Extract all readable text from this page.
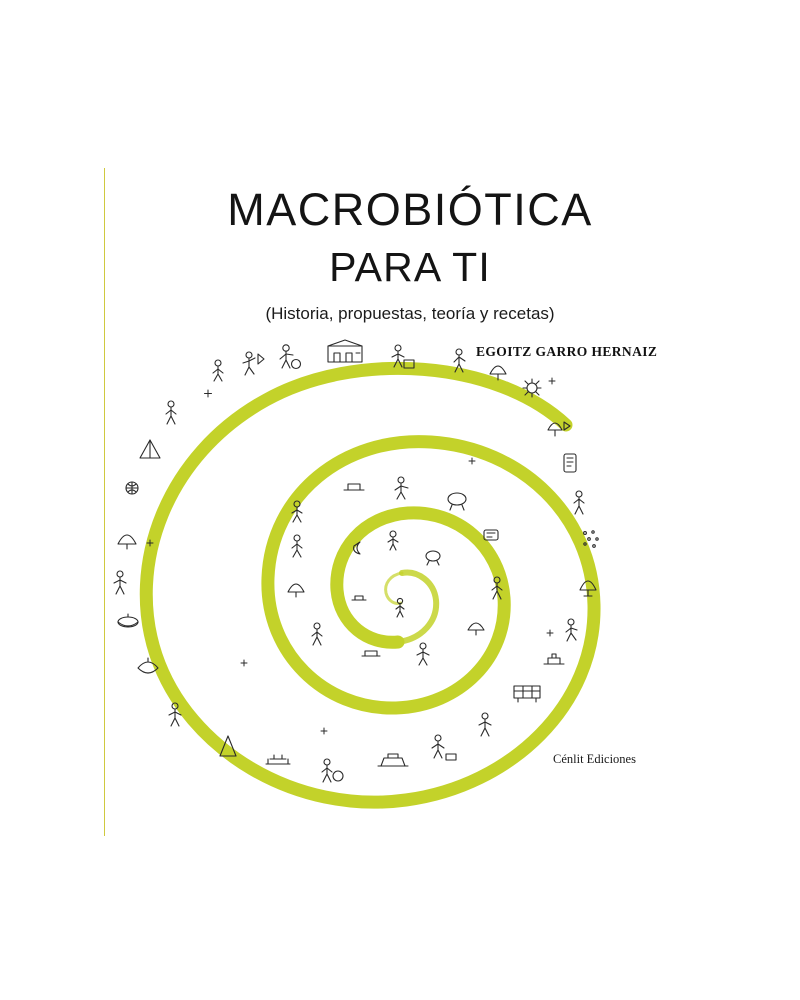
MACROBIÓTICA
PARA TI
(Historia, propuestas, teoría y recetas)
EGOITZ GARRO HERNAIZ
Cénlit Ediciones
